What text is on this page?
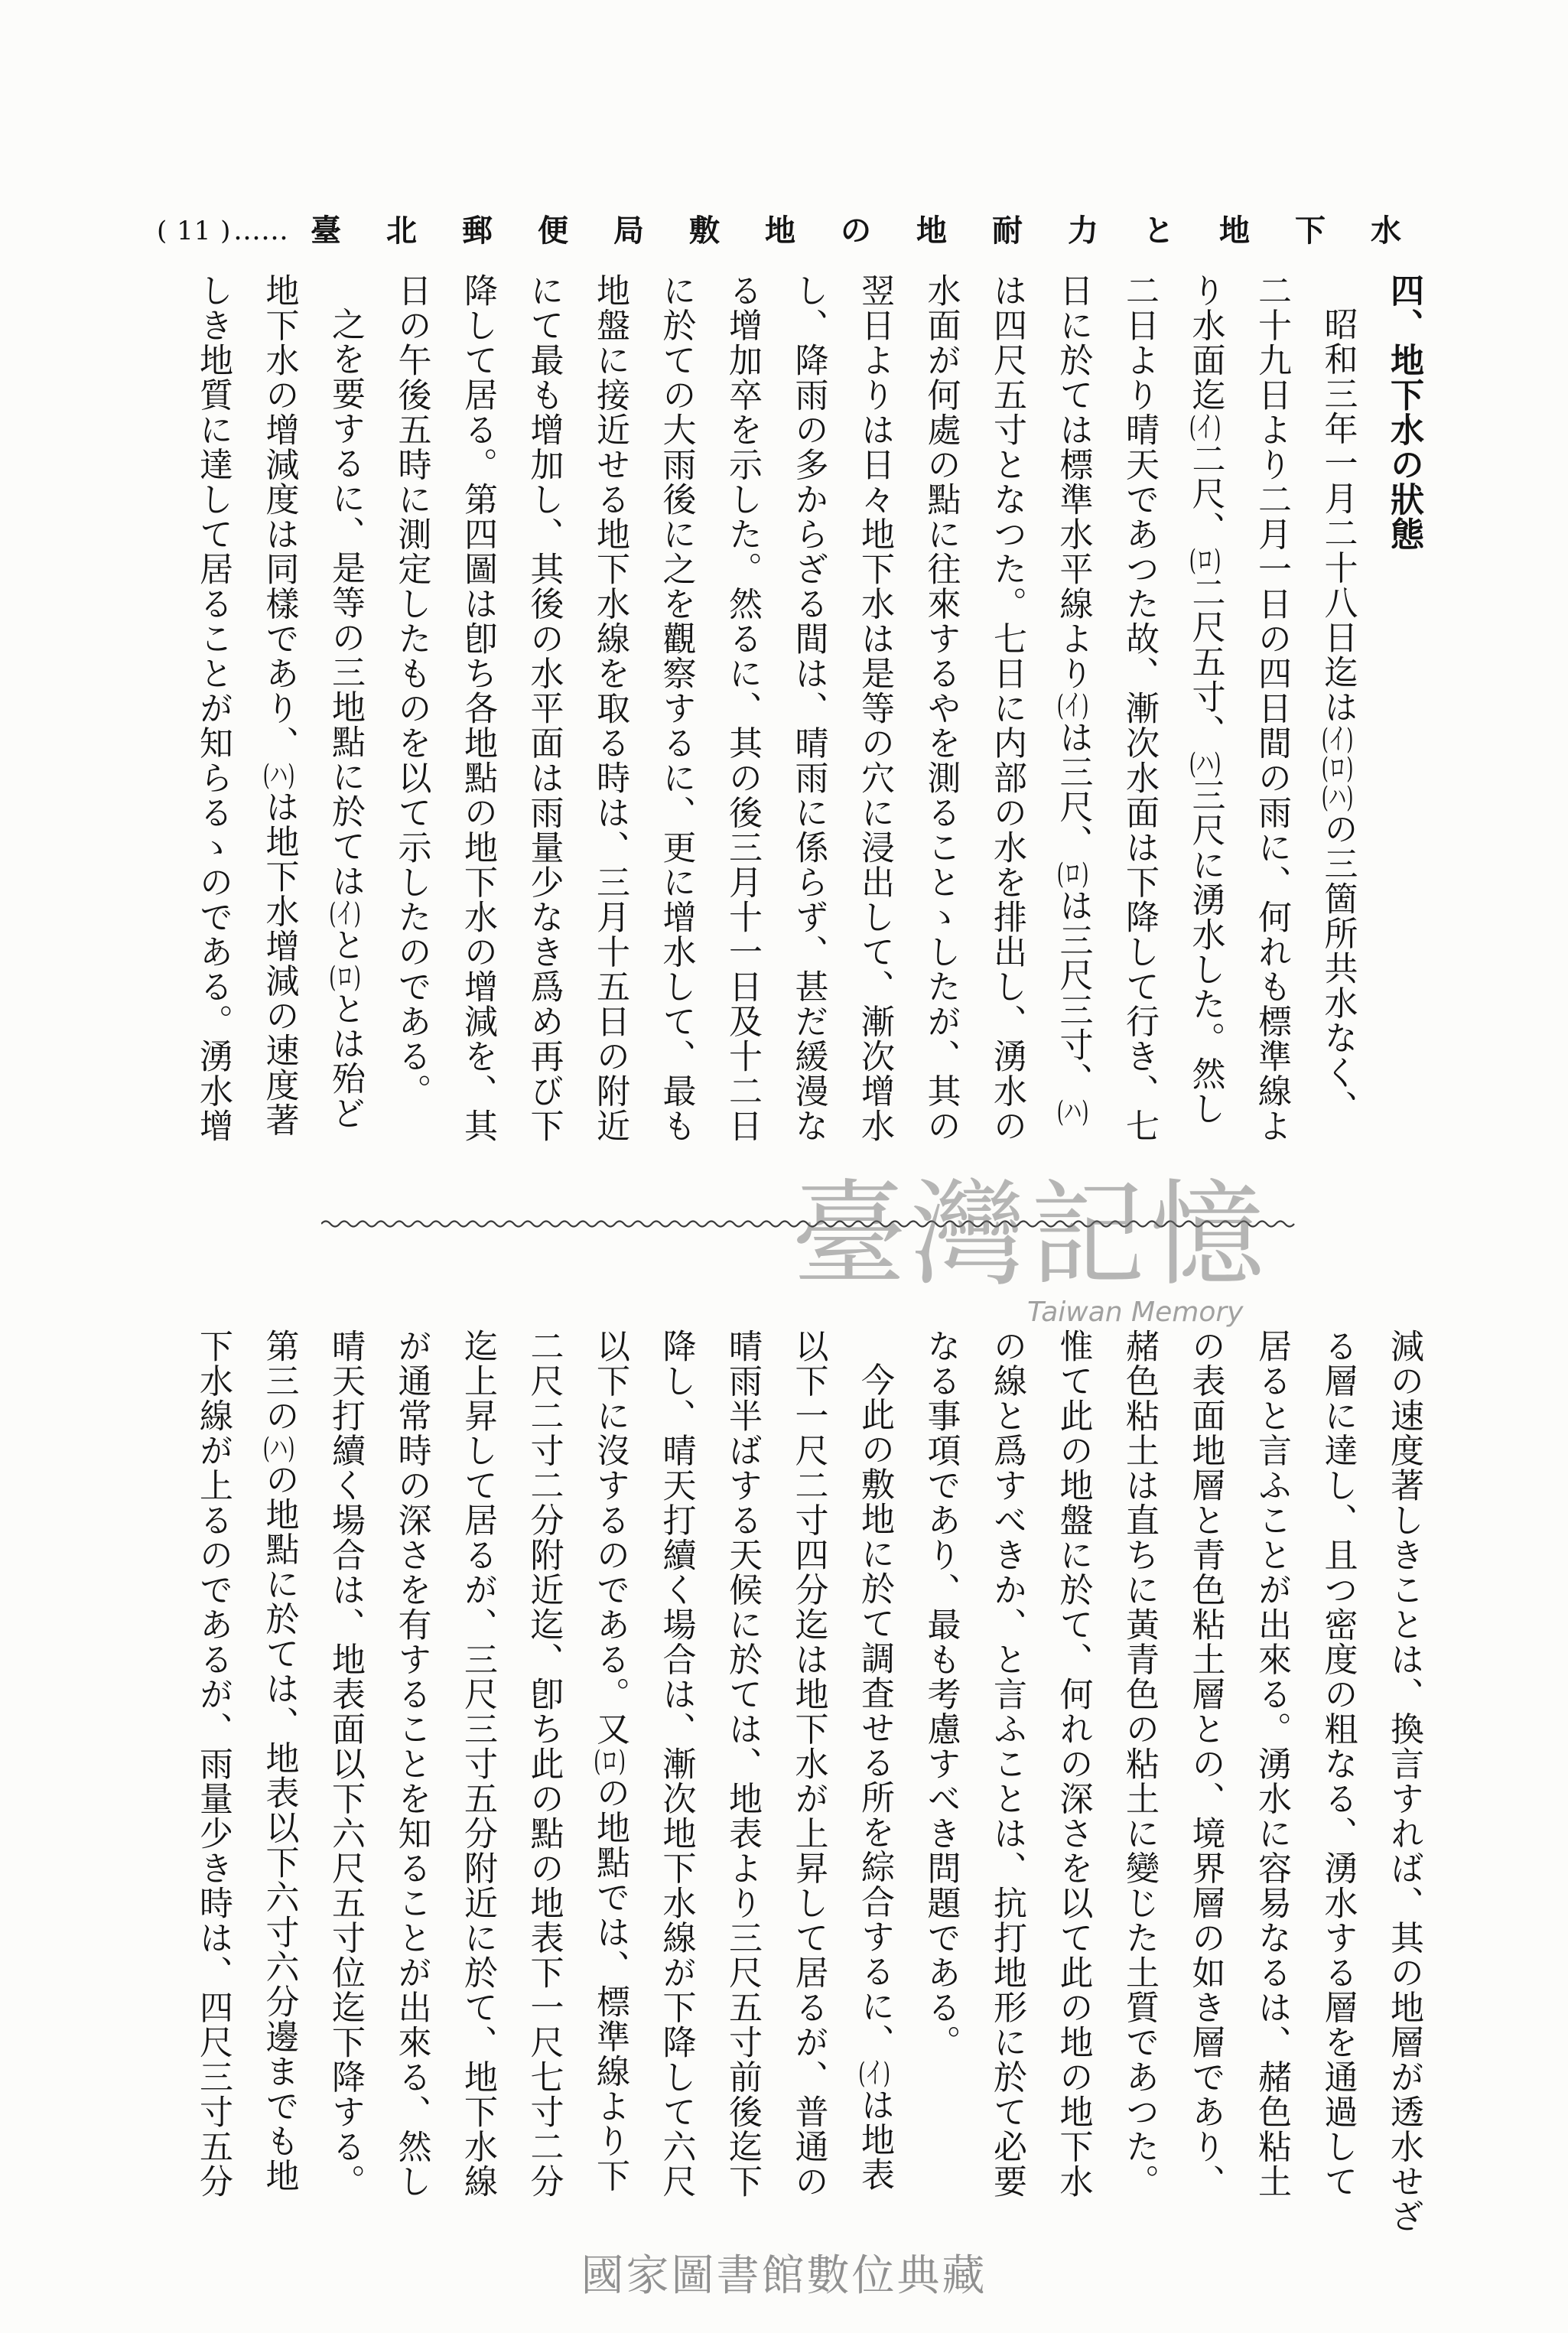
( 11 ) …… 臺北郵便局敷地の地耐力と地下水
四、地下水の狀態
昭和三年一月二十八日迄は(イ)(ロ)(ハ)の三箇所共水なく、
二十九日より二月一日の四日間の雨に、何れも標準線よ
り水面迄(イ)二尺、(ロ)二尺五寸、(ハ)三尺に湧水した。然し
二日より晴天であつた故、漸次水面は下降して行き、七
日に於ては標準水平線より(イ)は三尺、(ロ)は三尺三寸、(ハ)
は四尺五寸となつた。七日に内部の水を排出し、湧水の
水面が何處の點に往來するやを測ることゝしたが、其の
翌日よりは日々地下水は是等の穴に浸出して、漸次增水
し、降雨の多からざる間は、晴雨に係らず、甚だ緩漫な
る增加卒を示した。然るに、其の後三月十一日及十二日
に於ての大雨後に之を觀察するに、更に增水して、最も
地盤に接近せる地下水線を取る時は、三月十五日の附近
にて最も增加し、其後の水平面は雨量少なき爲め再び下
降して居る。第四圖は卽ち各地點の地下水の增減を、其
日の午後五時に測定したものを以て示したのである。
之を要するに、是等の三地點に於ては(イ)と(ロ)とは殆ど
地下水の增減度は同樣であり、(ハ)は地下水增減の速度著
しき地質に達して居ることが知らるゝのである。湧水增
臺灣記憶
Taiwan Memory
減の速度著しきことは、換言すれば、其の地層が透水せざ
る層に達し、且つ密度の粗なる、湧水する層を通過して
居ると言ふことが出來る。湧水に容易なるは、赭色粘土
の表面地層と青色粘土層との、境界層の如き層であり、
赭色粘土は直ちに黃青色の粘土に變じた土質であつた。
惟て此の地盤に於て、何れの深さを以て此の地の地下水
の線と爲すべきか、と言ふことは、抗打地形に於て必要
なる事項であり、最も考慮すべき問題である。
今此の敷地に於て調査せる所を綜合するに、(イ)は地表
以下一尺二寸四分迄は地下水が上昇して居るが、普通の
晴雨半ばする天候に於ては、地表より三尺五寸前後迄下
降し、晴天打續く場合は、漸次地下水線が下降して六尺
以下に沒するのである。又(ロ)の地點では、標準線より下
二尺二寸二分附近迄、卽ち此の點の地表下一尺七寸二分
迄上昇して居るが、三尺三寸五分附近に於て、地下水線
が通常時の深さを有することを知ることが出來る、然し
晴天打續く場合は、地表面以下六尺五寸位迄下降する。
第三の(ハ)の地點に於ては、地表以下六寸六分邊までも地
下水線が上るのであるが、雨量少き時は、四尺三寸五分
國家圖書館數位典藏
